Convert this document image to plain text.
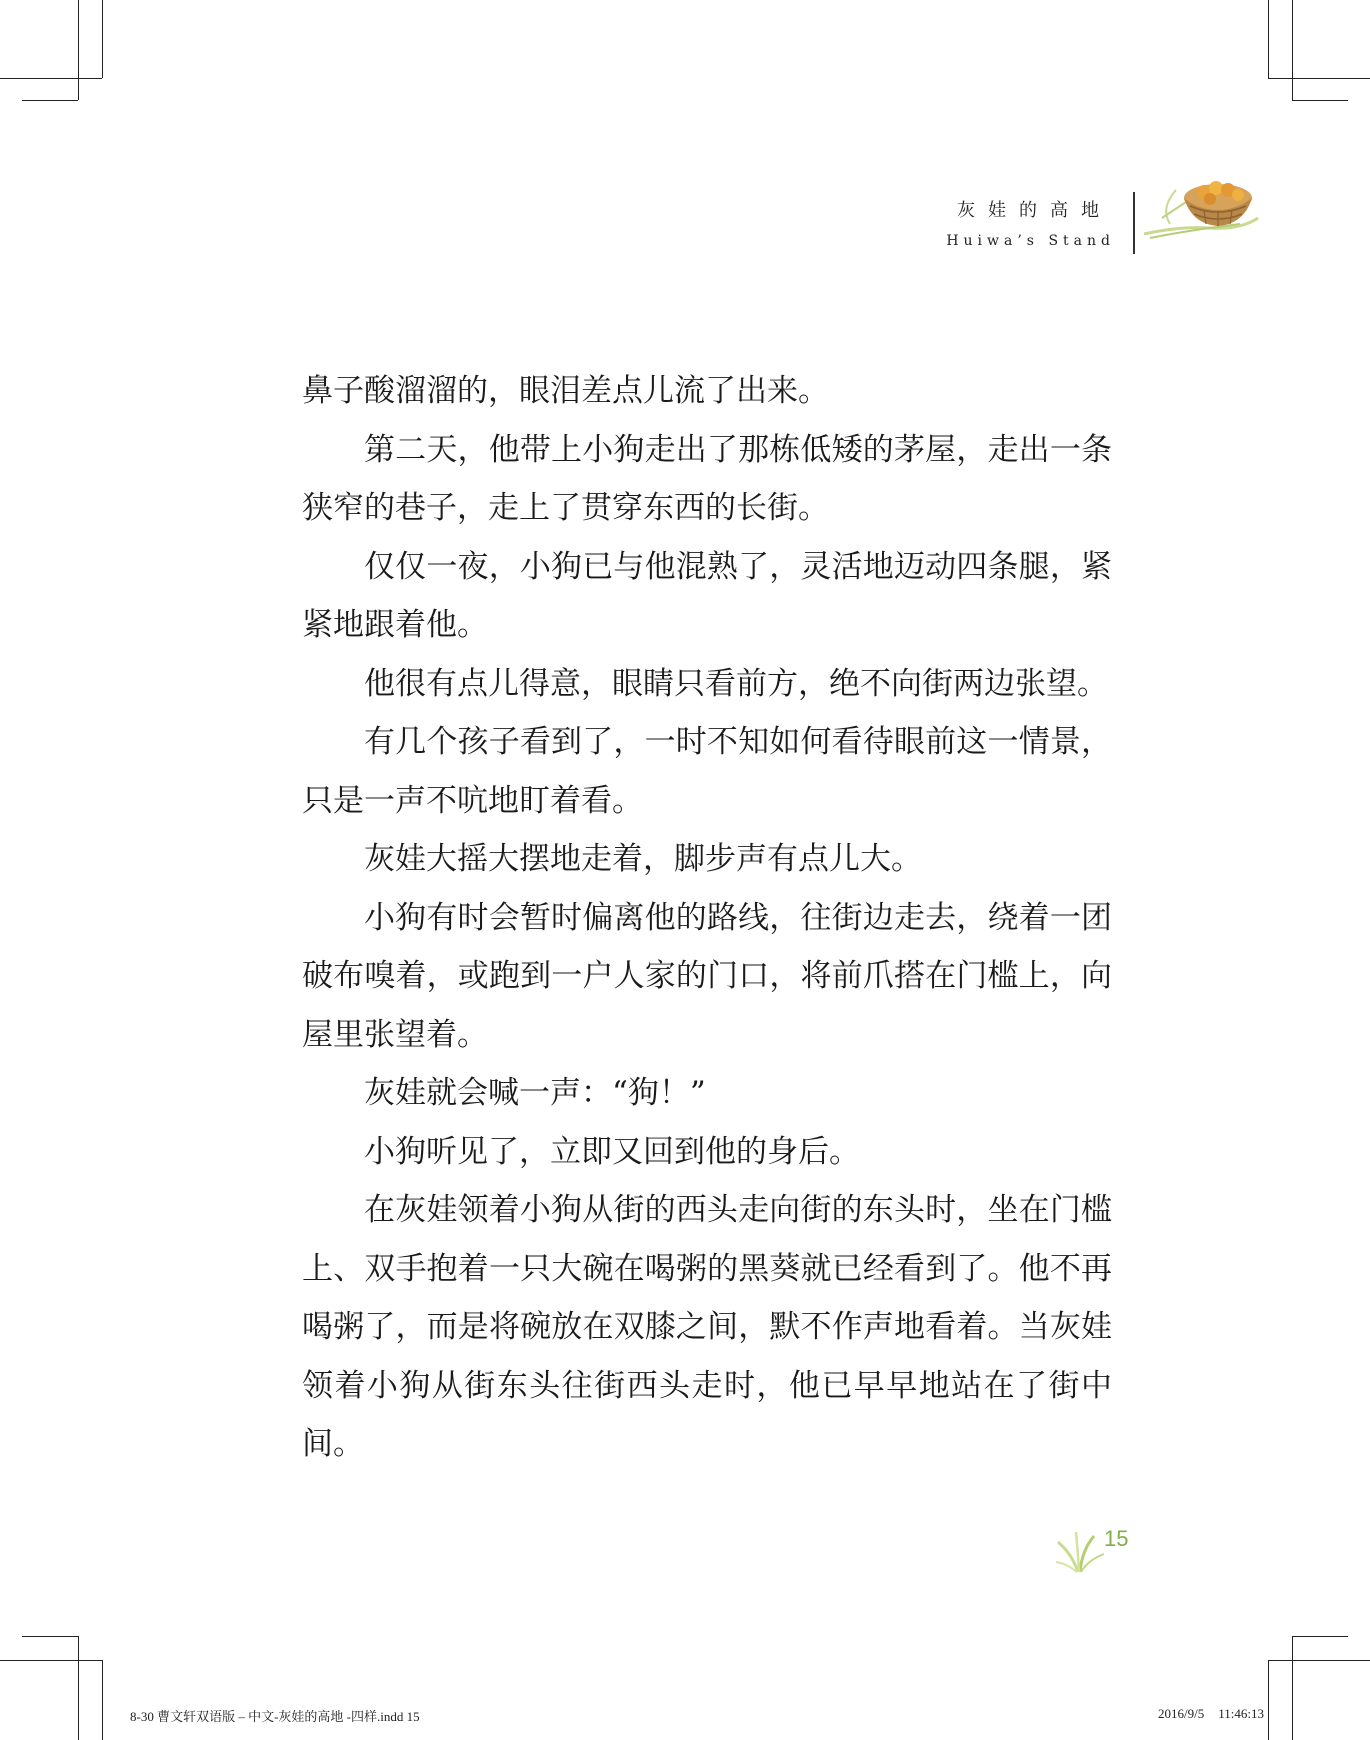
灰娃的高地
Huiwa’s Stand

鼻子酸溜溜的，眼泪差点儿流了出来。

第二天，他带上小狗走出了那栋低矮的茅屋，走出一条狭窄的巷子，走上了贯穿东西的长街。

仅仅一夜，小狗已与他混熟了，灵活地迈动四条腿，紧紧地跟着他。

他很有点儿得意，眼睛只看前方，绝不向街两边张望。

有几个孩子看到了，一时不知如何看待眼前这一情景，只是一声不吭地盯着看。

灰娃大摇大摆地走着，脚步声有点儿大。

小狗有时会暂时偏离他的路线，往街边走去，绕着一团破布嗅着，或跑到一户人家的门口，将前爪搭在门槛上，向屋里张望着。

灰娃就会喊一声：“狗！”

小狗听见了，立即又回到他的身后。

在灰娃领着小狗从街的西头走向街的东头时，坐在门槛上、双手抱着一只大碗在喝粥的黑葵就已经看到了。他不再喝粥了，而是将碗放在双膝之间，默不作声地看着。当灰娃领着小狗从街东头往街西头走时，他已早早地站在了街中间。

15
8-30 曹文轩双语版 – 中文-灰娃的高地 -四样.indd 15	2016/9/5 11:46:13
